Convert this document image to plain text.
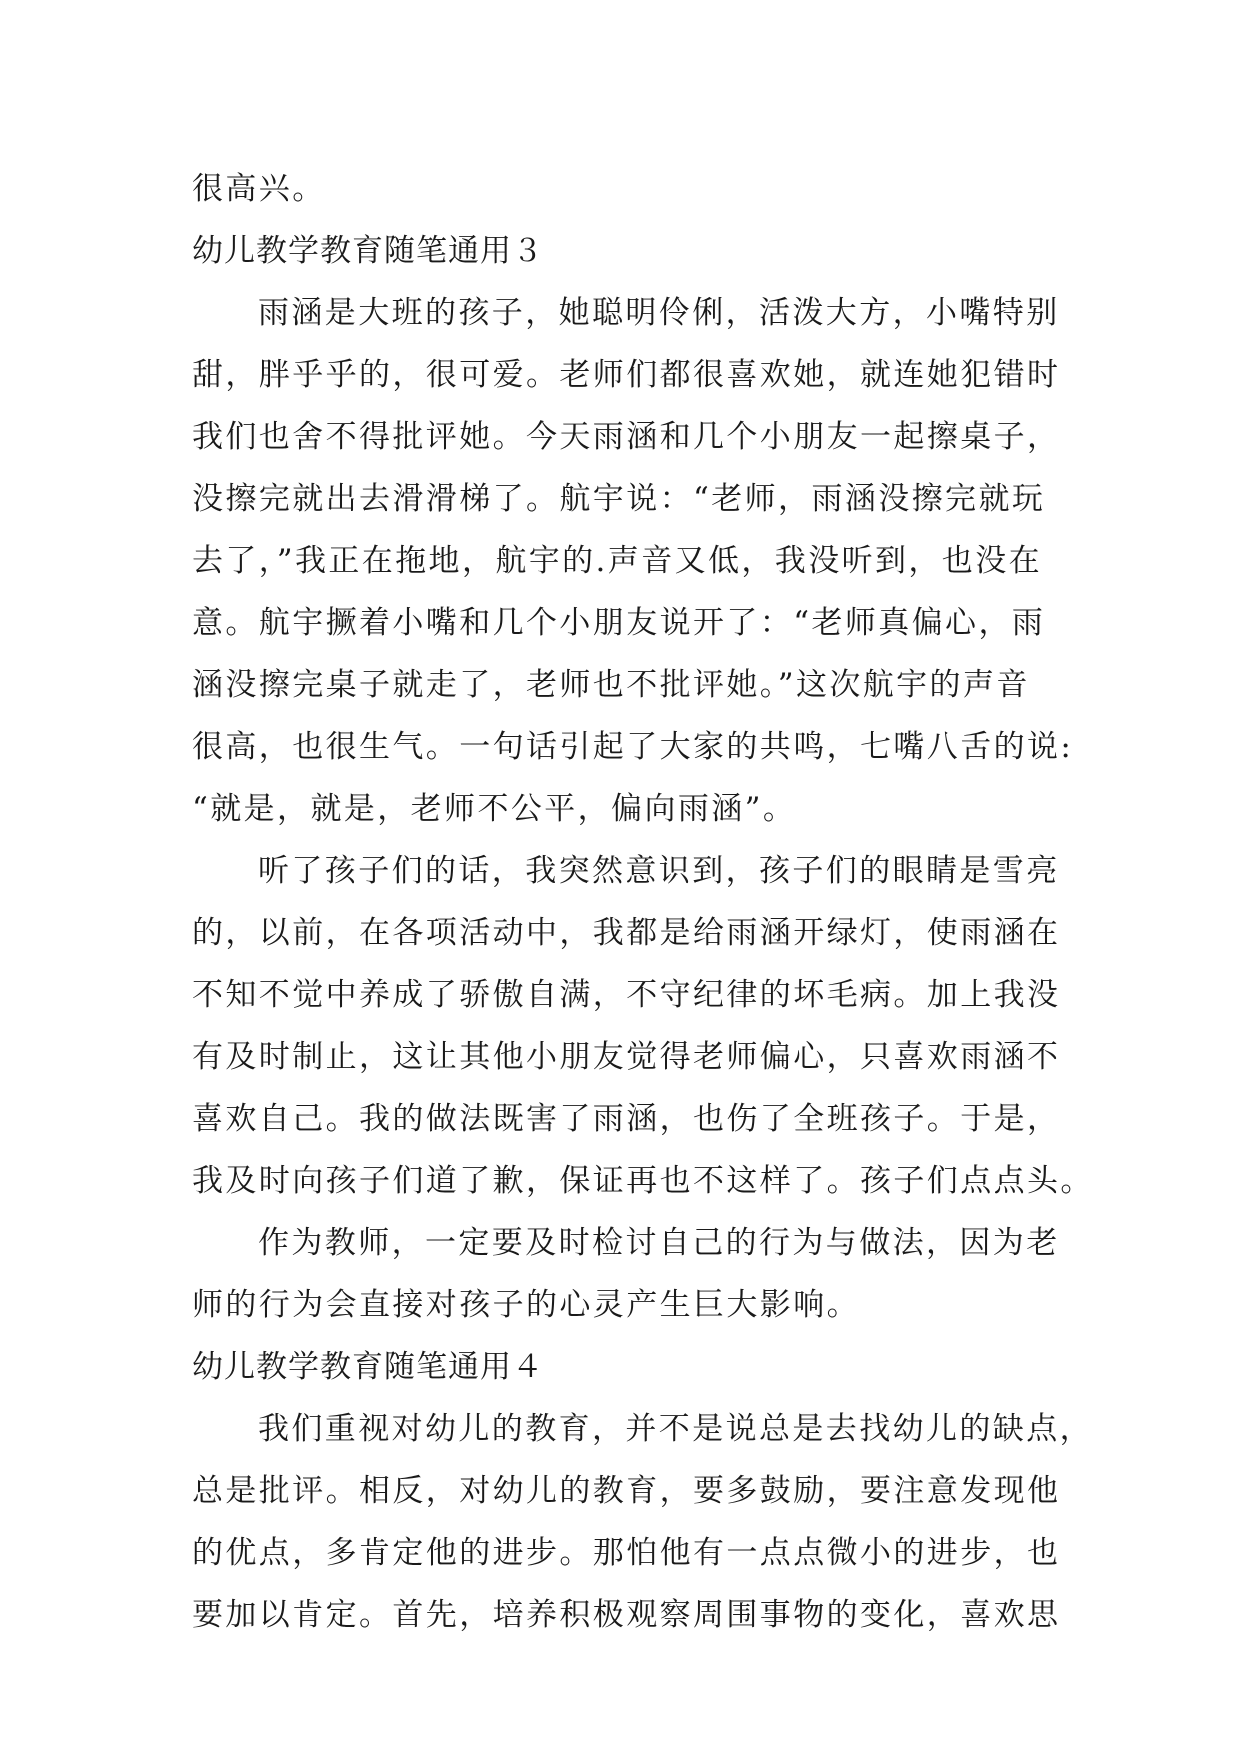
很高兴。
幼儿教学教育随笔通用３
雨涵是大班的孩子，她聪明伶俐，活泼大方，小嘴特别
甜，胖乎乎的，很可爱。老师们都很喜欢她，就连她犯错时
我们也舍不得批评她。今天雨涵和几个小朋友一起擦桌子，
没擦完就出去滑滑梯了。航宇说：“老师，雨涵没擦完就玩
去了，”我正在拖地，航宇的.声音又低，我没听到，也没在
意。航宇撅着小嘴和几个小朋友说开了：“老师真偏心，雨
涵没擦完桌子就走了，老师也不批评她。”这次航宇的声音
很高，也很生气。一句话引起了大家的共鸣，七嘴八舌的说:
“就是，就是，老师不公平，偏向雨涵”。
听了孩子们的话，我突然意识到，孩子们的眼睛是雪亮
的，以前，在各项活动中，我都是给雨涵开绿灯，使雨涵在
不知不觉中养成了骄傲自满，不守纪律的坏毛病。加上我没
有及时制止，这让其他小朋友觉得老师偏心，只喜欢雨涵不
喜欢自己。我的做法既害了雨涵，也伤了全班孩子。于是，
我及时向孩子们道了歉，保证再也不这样了。孩子们点点头。
作为教师，一定要及时检讨自己的行为与做法，因为老
师的行为会直接对孩子的心灵产生巨大影响。
幼儿教学教育随笔通用４
我们重视对幼儿的教育，并不是说总是去找幼儿的缺点，
总是批评。相反，对幼儿的教育，要多鼓励，要注意发现他
的优点，多肯定他的进步。那怕他有一点点微小的进步，也
要加以肯定。首先，培养积极观察周围事物的变化，喜欢思
